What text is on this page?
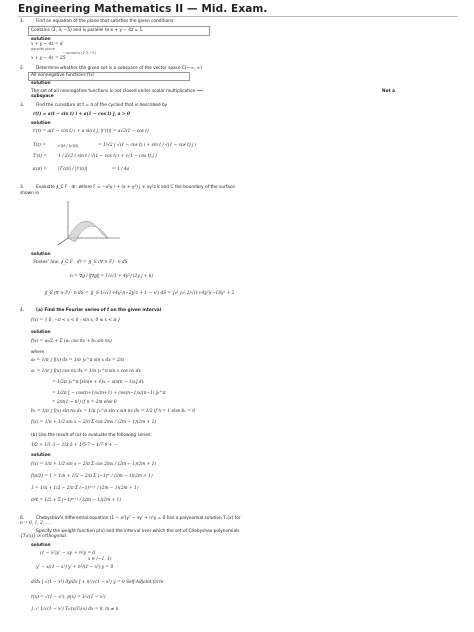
Engineering Mathematics II — Mid. Exam.
1.	Find an equation of the plane that satisfies the given conditions:
Contains (2, 3, −5) and is parallel to x + y − 4z = 1
solution
x + y − 4z = d
parallel plane
∵ contains (2,3,−5)
x + y − 4z = 25
2.	Determine whether the given set is a subspace of the vector space C(−∞, ∞)
All nonnegative functions f(x)
solution
The set of all nonnegative functions is not closed under scalar multiplication ⟹	Not a
subspace
3.	Find the curvature at t = π of the cycloid that is described by
r(t) = a(t − sin t) i + a(1 − cos t) j, a > 0
solution
r′(t) = a(1 − cos t) i + a sin t j, |r′(t)| = a√2(1 − cos t)
T(t) =	r′(t) / |r′(t)|	= 1/√2 ( √(1 − cos t) i + sin t / √(1 − cos t) j )
T′(t) =	1 / 2√2 ( sin t / √(1 − cos t) i + √(1 − cos t) j )
κ(π) =	|T′(π)| / |r′(π)|	= 1 / 4a
3.	Evaluate ∮_C F · dr, where F = −x²y i + (x + y²) j + xy²z k and C the boundary of the surface
shown in
solution
Stokes’ law: ∮_C F · dr = ∬_S (∇ × F) · n dS
n = ∇g / ‖∇g‖ = 1/√(1 + 4y²) (2y j + k)
∬_S (∇ × F) · n dS = ∬_S 1/√(1+4y²)(−2y²z + 1 − x²) dS = ∫₀² ∫₀² 1/√(1+4y²)(−18y² + 2
4.	(a) Find the Fourier series of f on the given interval
f(x) = { 0, −π < x < 0 ; sin x, 0 ≤ x < π }
solution
f(x) = a₀/2 + Σ (aₙ cos nx + bₙ sin nx)
where
a₀ = 1/π ∫ f(x) dx = 1/π ∫₀^π sin x dx = 2/π
aₙ = 1/π ∫ f(x) cos nx dx = 1/π ∫₀^π sin x cos nx dx
= 1/2π ∫₀^π [sin(n + 1)x − sin(n − 1)x] dx
= 1/2π [ − cos(n+1)x/(n+1) + cos(n−1)x/(n−1) ]₀^π
= 2/π(1 − n²) if n = 2m else 0
bₙ = 1/π ∫ f(x) sin nx dx = 1/π ∫₀^π sin x sin nx dx = 1/2 if n = 1 else bₙ = 0
f(x) = 1/π + 1/2 sin x − 2/π Σ cos 2mx / (2m − 1)(2m + 1)
(b) Use the result of (a) to evaluate the following series:
1/2 + 1/1·3 − 1/3·5 + 1/5·7 − 1/7·9 + ···
solution
f(x) = 1/π + 1/2 sin x − 2/π Σ cos 2mx / (2m − 1)(2m + 1)
f(π/2) = 1 = 1/π + 1/2 − 2/π Σ (−1)ᵐ / (2m − 1)(2m + 1)
1 = 1/π + 1/2 − 2/π Σ (−1)ᵐ⁺¹ / (2m − 1)(2m + 1)
π/4 = 1/2 + Σ (−1)ᵐ⁺¹ / (2m − 1)(2m + 1)
6.	Chebyshev’s differential equation (1 − x²)y″ − xy′ + n²y = 0 has a polynomial solution Tₙ(x) for
n = 0, 1, 2, . . .
Specify the weight function p(x) and the interval over which the set of Chebyshev polynomials
{Tₙ(x)} is orthogonal.
solution
(1 − x²)y″ − xy′ + n²y = 0
x ∈ (−1, 1)
y″ − x/(1 − x²) y′ + n²/(1 − x²) y = 0
d/dx [ √(1 − x²) dy/dx ] + n²/√(1 − x²) y = 0 Self-Adjoint form
r(x) = √(1 − x²), p(x) = 1/√(1 − x²)
∫₋₁¹ 1/√(1 − x²) Tₘ(x)Tₙ(x) dx = 0, m ≠ n
